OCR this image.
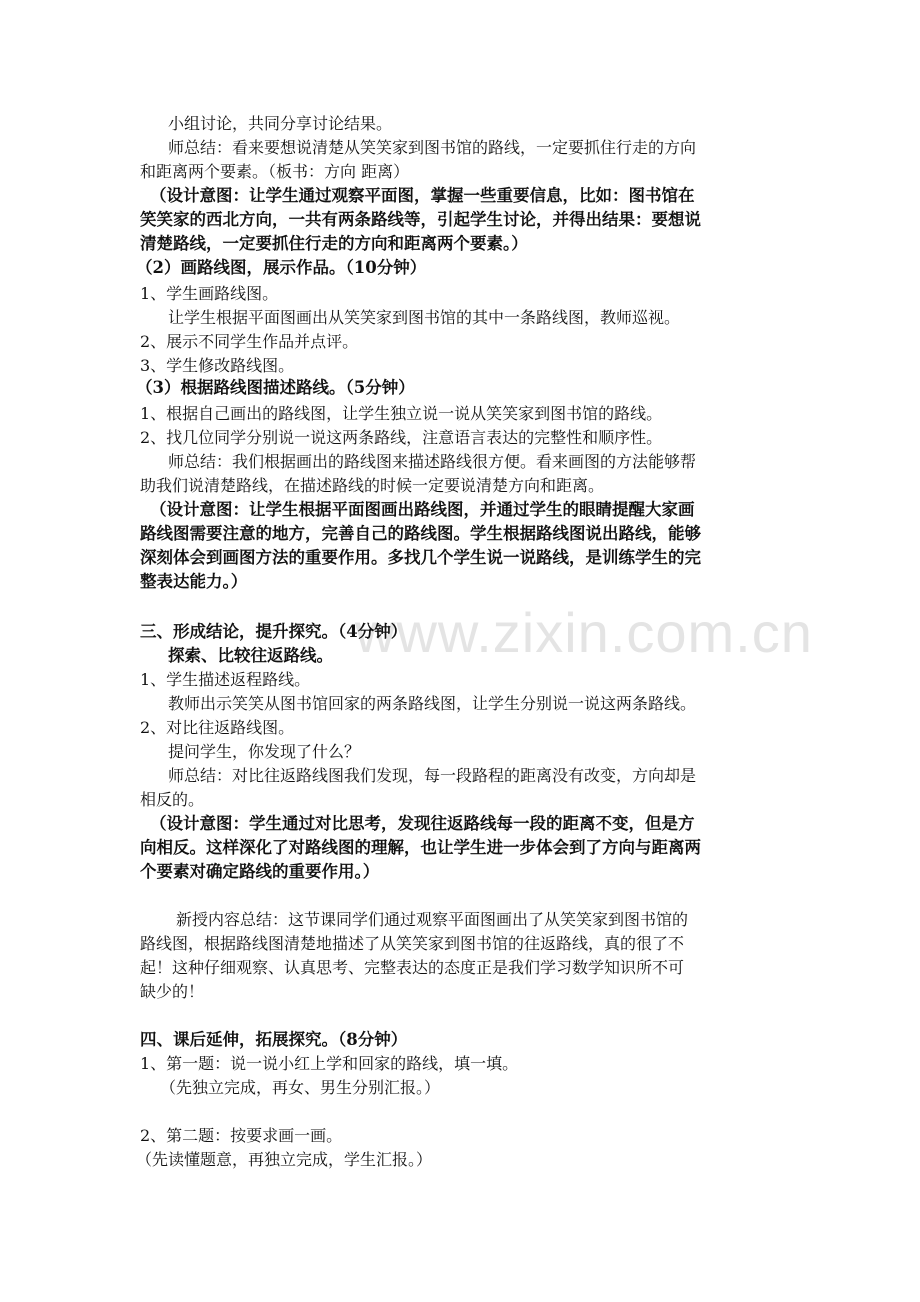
www.zixin.com.cn
小组讨论，共同分享讨论结果。
师总结：看来要想说清楚从笑笑家到图书馆的路线，一定要抓住行走的方向
和距离两个要素。（板书：方向 距离）
（设计意图：让学生通过观察平面图，掌握一些重要信息，比如：图书馆在
笑笑家的西北方向，一共有两条路线等，引起学生讨论，并得出结果：要想说
清楚路线，一定要抓住行走的方向和距离两个要素。）
（2）画路线图，展示作品。（10分钟）
1、学生画路线图。
让学生根据平面图画出从笑笑家到图书馆的其中一条路线图，教师巡视。
2、展示不同学生作品并点评。
3、学生修改路线图。
（3）根据路线图描述路线。（5分钟）
1、根据自己画出的路线图，让学生独立说一说从笑笑家到图书馆的路线。
2、找几位同学分别说一说这两条路线，注意语言表达的完整性和顺序性。
师总结：我们根据画出的路线图来描述路线很方便。看来画图的方法能够帮
助我们说清楚路线，在描述路线的时候一定要说清楚方向和距离。
（设计意图：让学生根据平面图画出路线图，并通过学生的眼睛提醒大家画
路线图需要注意的地方，完善自己的路线图。学生根据路线图说出路线，能够
深刻体会到画图方法的重要作用。多找几个学生说一说路线，是训练学生的完
整表达能力。）
三、形成结论，提升探究。（4分钟）
探索、比较往返路线。
1、学生描述返程路线。
教师出示笑笑从图书馆回家的两条路线图，让学生分别说一说这两条路线。
2、对比往返路线图。
提问学生，你发现了什么？
师总结：对比往返路线图我们发现，每一段路程的距离没有改变，方向却是
相反的。
（设计意图：学生通过对比思考，发现往返路线每一段的距离不变，但是方
向相反。这样深化了对路线图的理解，也让学生进一步体会到了方向与距离两
个要素对确定路线的重要作用。）
新授内容总结：这节课同学们通过观察平面图画出了从笑笑家到图书馆的
路线图，根据路线图清楚地描述了从笑笑家到图书馆的往返路线，真的很了不
起！这种仔细观察、认真思考、完整表达的态度正是我们学习数学知识所不可
缺少的！
四、课后延伸，拓展探究。（8分钟）
1、第一题：说一说小红上学和回家的路线，填一填。
（先独立完成，再女、男生分别汇报。）
2、第二题：按要求画一画。
（先读懂题意，再独立完成，学生汇报。）
